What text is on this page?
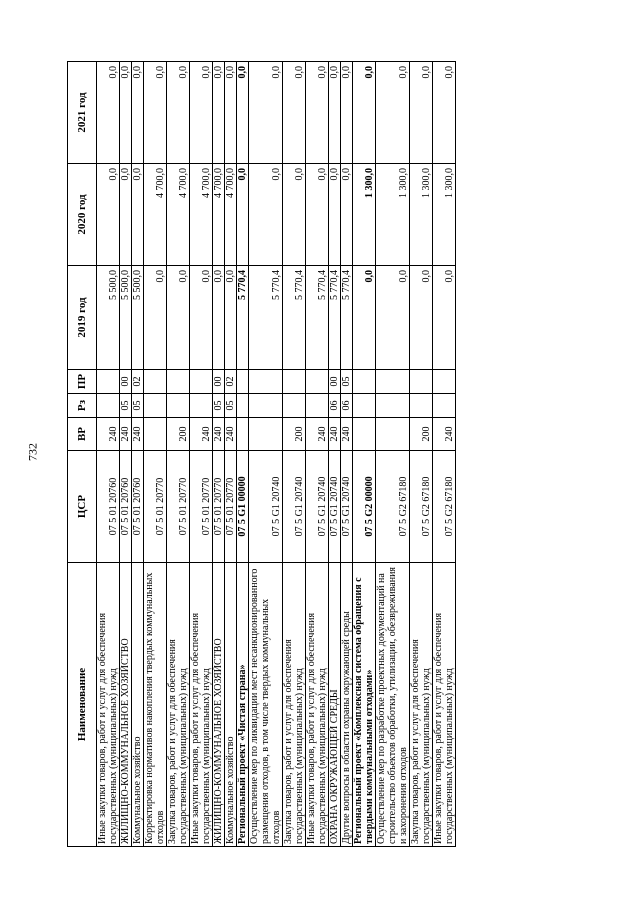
732
Наименование	ЦСР	ВР	Рз	ПР	2019 год	2020 год	2021 год
Иные закупки товаров, работ и услуг для обеспечения государственных (муниципальных) нужд	07 5 01 20760	240			5 500,0	0,0	0,0
ЖИЛИЩНО-КОММУНАЛЬНОЕ ХОЗЯЙСТВО	07 5 01 20760	240	05	00	5 500,0	0,0	0,0
Коммунальное хозяйство	07 5 01 20760	240	05	02	5 500,0	0,0	0,0
Корректировка нормативов накопления твердых коммунальных отходов	07 5 01 20770				0,0	4 700,0	0,0
Закупка товаров, работ и услуг для обеспечения государственных (муниципальных) нужд	07 5 01 20770	200			0,0	4 700,0	0,0
Иные закупки товаров, работ и услуг для обеспечения государственных (муниципальных) нужд	07 5 01 20770	240			0,0	4 700,0	0,0
ЖИЛИЩНО-КОММУНАЛЬНОЕ ХОЗЯЙСТВО	07 5 01 20770	240	05	00	0,0	4 700,0	0,0
Коммунальное хозяйство	07 5 01 20770	240	05	02	0,0	4 700,0	0,0
Региональный проект «Чистая страна»	07 5 G1 00000				5 770,4	0,0	0,0
Осуществление мер по ликвидации мест несанкционированного размещения отходов, в том числе твердых коммунальных отходов	07 5 G1 20740				5 770,4	0,0	0,0
Закупка товаров, работ и услуг для обеспечения государственных (муниципальных) нужд	07 5 G1 20740	200			5 770,4	0,0	0,0
Иные закупки товаров, работ и услуг для обеспечения государственных (муниципальных) нужд	07 5 G1 20740	240			5 770,4	0,0	0,0
ОХРАНА ОКРУЖАЮЩЕЙ СРЕДЫ	07 5 G1 20740	240	06	00	5 770,4	0,0	0,0
Другие вопросы в области охраны окружающей среды	07 5 G1 20740	240	06	05	5 770,4	0,0	0,0
Региональный проект «Комплексная система обращения с твердыми коммунальными отходами»	07 5 G2 00000				0,0	1 300,0	0,0
Осуществление мер по разработке проектных документаций на строительство объектов обработки, утилизации, обезвреживания и захоронения отходов	07 5 G2 67180				0,0	1 300,0	0,0
Закупка товаров, работ и услуг для обеспечения государственных (муниципальных) нужд	07 5 G2 67180	200			0,0	1 300,0	0,0
Иные закупки товаров, работ и услуг для обеспечения государственных (муниципальных) нужд	07 5 G2 67180	240			0,0	1 300,0	0,0
